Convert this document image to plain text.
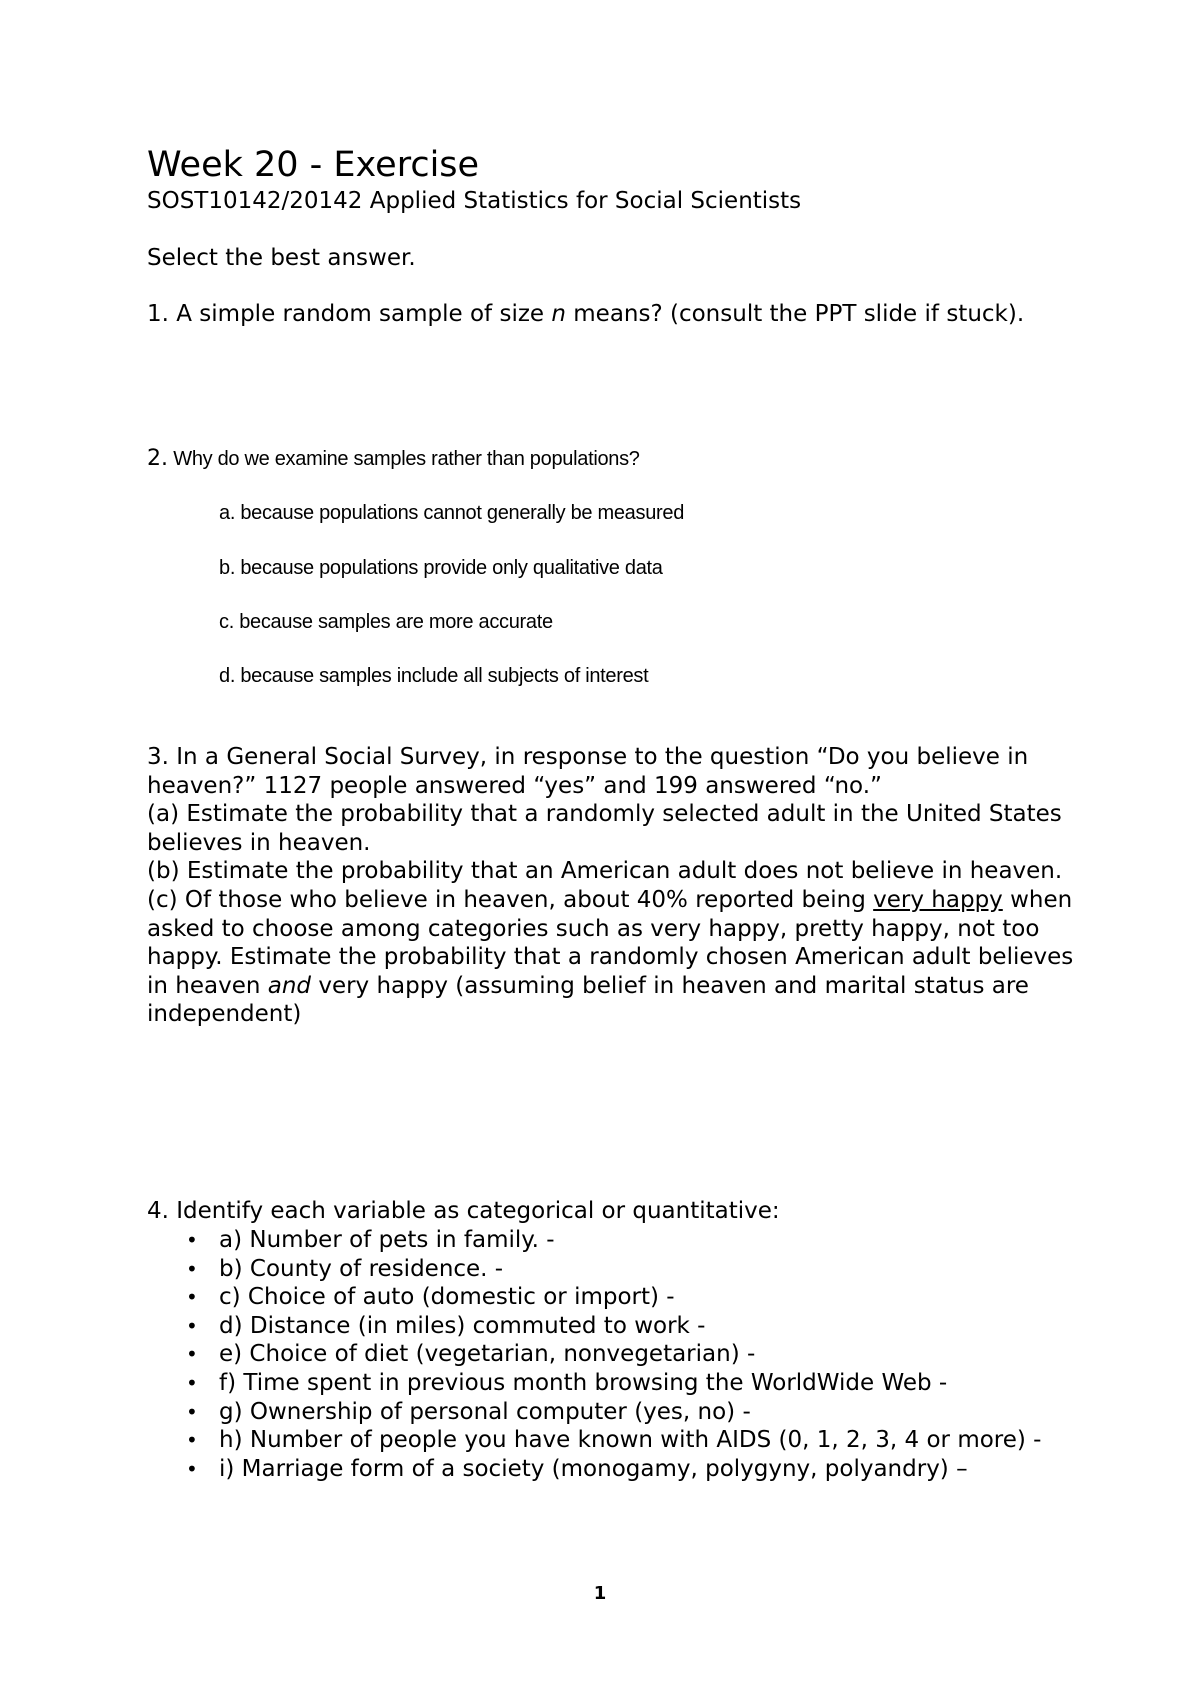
Week 20 - Exercise
SOST10142/20142 Applied Statistics for Social Scientists
Select the best answer.
1. A simple random sample of size n means? (consult the PPT slide if stuck).
2. Why do we examine samples rather than populations?
a. because populations cannot generally be measured
b. because populations provide only qualitative data
c. because samples are more accurate
d. because samples include all subjects of interest

3. In a General Social Survey, in response to the question “Do you believe in heaven?” 1127 people answered “yes” and 199 answered “no.”

(a) Estimate the probability that a randomly selected adult in the United States believes in heaven.

(b) Estimate the probability that an American adult does not believe in heaven.

(c) Of those who believe in heaven, about 40% reported being very happy when asked to choose among categories such as very happy, pretty happy, not too happy. Estimate the probability that a randomly chosen American adult believes in heaven and very happy (assuming belief in heaven and marital status are independent)

4. Identify each variable as categorical or quantitative:
• a) Number of pets in family. -
• b) County of residence. -
• c) Choice of auto (domestic or import) -
• d) Distance (in miles) commuted to work -
• e) Choice of diet (vegetarian, nonvegetarian) -
• f) Time spent in previous month browsing the WorldWide Web -
• g) Ownership of personal computer (yes, no) -
• h) Number of people you have known with AIDS (0, 1, 2, 3, 4 or more) -
• i) Marriage form of a society (monogamy, polygyny, polyandry) –
1
